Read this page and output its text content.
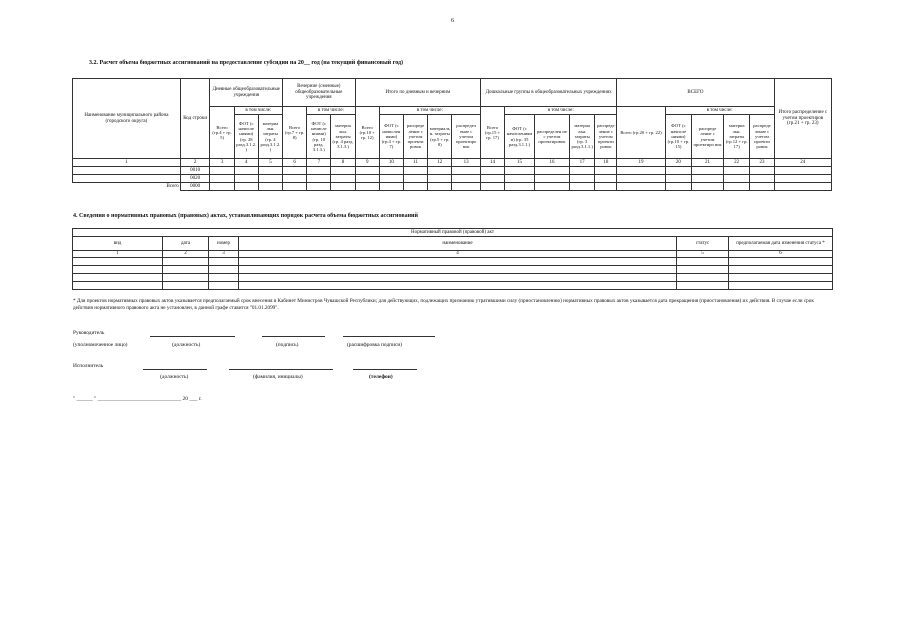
6
3.2. Расчет объема бюджетных ассигнований на предоставление субсидии на 20__ год (на текущий финансовый год)
Наименование муниципального района (городского округа)	Код строки	Дневные общеобразовательные учреждения			Вечерние (сменные) общеобразовательные учреждения			Итого по дневным и вечерним					Дошкольные группы в общеобразовательных учреждениях					ВСЕГО					Итого распределение с учетом проектиров (гр.21 + гр. 23)
		Всего (гр.4 + гр. 5)	в том числе:		Всего (гр.7 + гр. 8)	в том числе:		Всего (гр.10 + гр. 12)	в том числе:				Всего (гр.15 + гр. 17)	в том числе:				Всего (гр.20 + гр. 22)	в том числе:				
			ФОТ (с начисле ниями) (гр. 28 разд.3.1.2.)	материа льн. затраты (гр. 4 разд.3.1.2.)		ФОТ (с начисле ниями) (гр. 10 разд. 3.1.3.)	материа льн. затраты (гр. 4 разд. 3.1.3.)		ФОТ (с начислен иями) (гр.4 + гр. 7)	распреде ление с учетом проекти ровок	материальн. затраты (гр.5 + гр. 8)	распредел ение с учетом проектиро вок		ФОТ (с начислениями) (гр. 35 разд.3.1.1.)	распределен ие с учетом проектировок	материа льн. затраты (гр. 3 разд.3.1.1.)	распреде ление с учетом проекти ровок		ФОТ (с начисле ниями) (гр.10 + гр. 15)	распреде ление с учетом проектиро вок	материа льн. затраты (гр.12 + гр. 17)	распреде ление с учетом проекти ровок	
1	2	3	4	5	6	7	8	9	10	11	12	13	14	15	16	17	18	19	20	21	22	23	24
	0010																						
	0020																						
Всего	0000																						
4. Сведения о нормативных правовых (правовых) актах, устанавливающих порядок расчета объема бюджетных ассигнований
Нормативный правовой (правовой) акт					
вид	дата	номер	наименование	статус	предполагаемая дата изменения статуса *
1	2	3	4	5	6

* Для проектов нормативных правовых актов указывается предполагаемый срок внесения в Кабинет Министров Чувашской Республики; для действующих, подлежащих признанию утратившими силу (приостановлению) нормативных правовых актов указывается дата прекращения (приостановления) их действия. В случае если срок действия нормативного правового акта не установлен, в данной графе ставится "01.01.2099".
Руководитель
(уполномоченное лицо)	(должность)	(подпись)	(расшифровка подписи)
Исполнитель
(должность)	(фамилия, инициалы)	(телефон)
" ______ " _______________________________ 20 ___ г.
